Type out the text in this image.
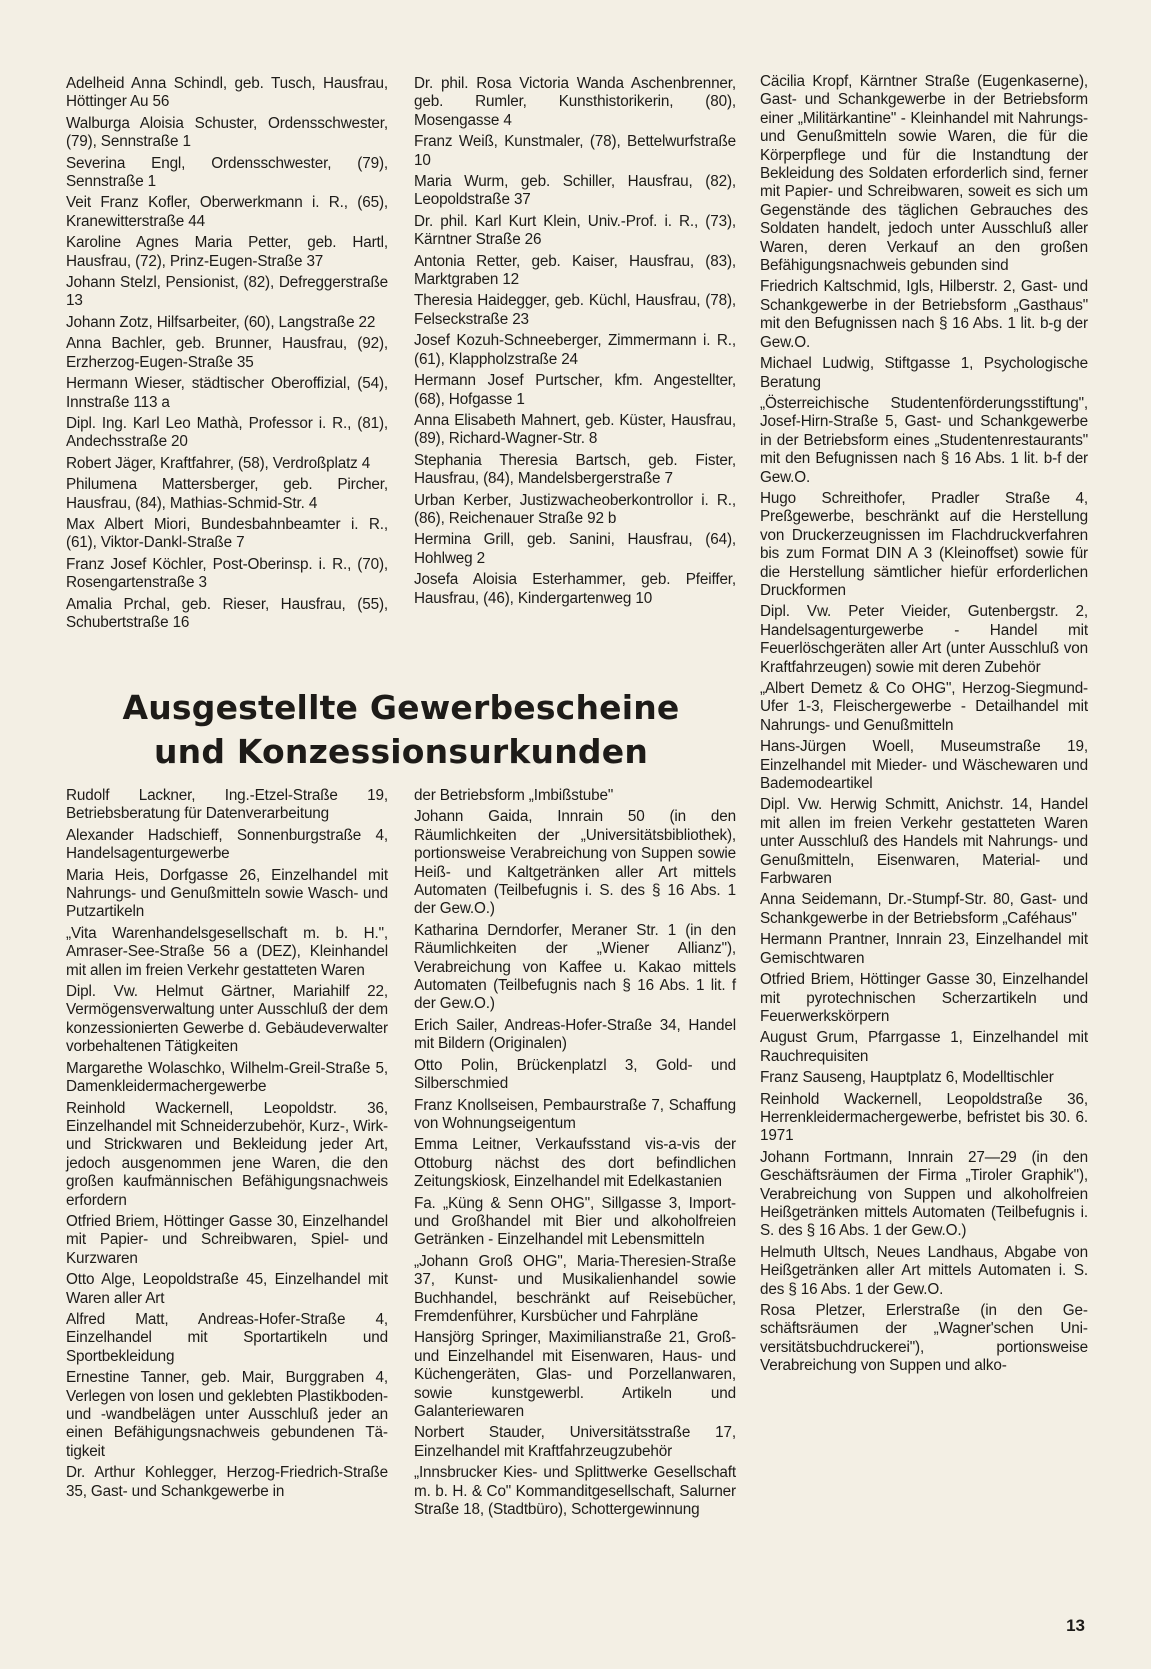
Adelheid Anna Schindl, geb. Tusch, Hausfrau, Höttinger Au 56

Walburga Aloisia Schuster, Ordensschwester, (79), Sennstraße 1

Severina Engl, Ordensschwester, (79), Sennstraße 1

Veit Franz Kofler, Oberwerkmann i. R., (65), Kranewitterstraße 44

Karoline Agnes Maria Petter, geb. Hartl, Hausfrau, (72), Prinz-Eugen-Straße 37

Johann Stelzl, Pensionist, (82), Defreggerstraße 13

Johann Zotz, Hilfsarbeiter, (60), Langstraße 22

Anna Bachler, geb. Brunner, Hausfrau, (92), Erzherzog-Eugen-Straße 35

Hermann Wieser, städtischer Oberoffizial, (54), Innstraße 113 a

Dipl. Ing. Karl Leo Mathà, Professor i. R., (81), Andechsstraße 20

Robert Jäger, Kraftfahrer, (58), Verdroßplatz 4

Philumena Mattersberger, geb. Pircher, Hausfrau, (84), Mathias-Schmid-Str. 4

Max Albert Miori, Bundesbahnbeamter i. R., (61), Viktor-Dankl-Straße 7

Franz Josef Köchler, Post-Oberinsp. i. R., (70), Rosengartenstraße 3

Amalia Prchal, geb. Rieser, Hausfrau, (55), Schubertstraße 16

Dr. phil. Rosa Victoria Wanda Aschenbrenner, geb. Rumler, Kunsthistorikerin, (80), Mosengasse 4

Franz Weiß, Kunstmaler, (78), Bettelwurfstraße 10

Maria Wurm, geb. Schiller, Hausfrau, (82), Leopoldstraße 37

Dr. phil. Karl Kurt Klein, Univ.-Prof. i. R., (73), Kärntner Straße 26

Antonia Retter, geb. Kaiser, Hausfrau, (83), Marktgraben 12

Theresia Haidegger, geb. Küchl, Hausfrau, (78), Felseckstraße 23

Josef Kozuh-Schneeberger, Zimmermann i. R., (61), Klappholzstraße 24

Hermann Josef Purtscher, kfm. Angestellter, (68), Hofgasse 1

Anna Elisabeth Mahnert, geb. Küster, Hausfrau, (89), Richard-Wagner-Str. 8

Stephania Theresia Bartsch, geb. Fister, Hausfrau, (84), Mandelsbergerstraße 7

Urban Kerber, Justizwacheoberkontrollor i. R., (86), Reichenauer Straße 92 b

Hermina Grill, geb. Sanini, Hausfrau, (64), Hohlweg 2

Josefa Aloisia Esterhammer, geb. Pfeiffer, Hausfrau, (46), Kindergartenweg 10

Cäcilia Kropf, Kärntner Straße (Eugenkaserne), Gast- und Schankgewerbe in der Betriebsform einer „Militärkantine" - Kleinhandel mit Nahrungs- und Genußmitteln sowie Waren, die für die Körperpflege und für die Instandtung der Bekleidung des Soldaten erforderlich sind, ferner mit Papier- und Schreibwaren, soweit es sich um Gegenstände des täglichen Gebrauches des Soldaten handelt, jedoch unter Ausschluß aller Waren, deren Verkauf an den großen Befähigungsnachweis gebunden sind

Friedrich Kaltschmid, Igls, Hilberstr. 2, Gast- und Schankgewerbe in der Betriebsform „Gasthaus" mit den Befugnissen nach § 16 Abs. 1 lit. b-g der Gew.O.

Michael Ludwig, Stiftgasse 1, Psychologische Beratung

„Österreichische Studentenförderungsstiftung", Josef-Hirn-Straße 5, Gast- und Schankgewerbe in der Betriebsform eines „Studentenrestaurants" mit den Befugnissen nach § 16 Abs. 1 lit. b-f der Gew.O.

Hugo Schreithofer, Pradler Straße 4, Preßgewerbe, beschränkt auf die Herstellung von Druckerzeugnissen im Flachdruckverfahren bis zum Format DIN A 3 (Kleinoffset) sowie für die Herstellung sämtlicher hiefür erforderlichen Druckformen

Dipl. Vw. Peter Vieider, Gutenbergstr. 2, Handelsagenturgewerbe - Handel mit Feuerlöschgeräten aller Art (unter Ausschluß von Kraftfahrzeugen) sowie mit deren Zubehör

„Albert Demetz & Co OHG", Herzog-Siegmund-Ufer 1-3, Fleischergewerbe - Detailhandel mit Nahrungs- und Genußmitteln

Hans-Jürgen Woell, Museumstraße 19, Einzelhandel mit Mieder- und Wäschewaren und Bademodeartikel

Dipl. Vw. Herwig Schmitt, Anichstr. 14, Handel mit allen im freien Verkehr gestatteten Waren unter Ausschluß des Handels mit Nahrungs- und Genußmitteln, Eisenwaren, Material- und Farbwaren

Anna Seidemann, Dr.-Stumpf-Str. 80, Gast- und Schankgewerbe in der Betriebsform „Caféhaus"

Hermann Prantner, Innrain 23, Einzelhandel mit Gemischtwaren

Otfried Briem, Höttinger Gasse 30, Einzelhandel mit pyrotechnischen Scherzartikeln und Feuerwerkskörpern

August Grum, Pfarrgasse 1, Einzelhandel mit Rauchrequisiten

Franz Sauseng, Hauptplatz 6, Modelltischler

Reinhold Wackernell, Leopoldstraße 36, Herrenkleidermachergewerbe, befristet bis 30. 6. 1971

Johann Fortmann, Innrain 27—29 (in den Geschäftsräumen der Firma „Tiroler Graphik"), Verabreichung von Suppen und alkoholfreien Heißgetränken mittels Automaten (Teilbefugnis i. S. des § 16 Abs. 1 der Gew.O.)

Helmuth Ultsch, Neues Landhaus, Abgabe von Heißgetränken aller Art mittels Automaten i. S. des § 16 Abs. 1 der Gew.O.

Rosa Pletzer, Erlerstraße (in den Geschäftsräumen der „Wagner'schen Universitätsbuchdruckerei"), portionsweise Verabreichung von Suppen und alko-

Ausgestellte Gewerbescheine
und Konzessionsurkunden

Rudolf Lackner, Ing.-Etzel-Straße 19, Betriebsberatung für Datenverarbeitung

Alexander Hadschieff, Sonnenburgstraße 4, Handelsagenturgewerbe

Maria Heis, Dorfgasse 26, Einzelhandel mit Nahrungs- und Genußmitteln sowie Wasch- und Putzartikeln

„Vita Warenhandelsgesellschaft m. b. H.", Amraser-See-Straße 56 a (DEZ), Kleinhandel mit allen im freien Verkehr gestatteten Waren

Dipl. Vw. Helmut Gärtner, Mariahilf 22, Vermögensverwaltung unter Ausschluß der dem konzessionierten Gewerbe d. Gebäudeverwalter vorbehaltenen Tätigkeiten

Margarethe Wolaschko, Wilhelm-Greil-Straße 5, Damenkleidermachergewerbe

Reinhold Wackernell, Leopoldstr. 36, Einzelhandel mit Schneiderzubehör, Kurz-, Wirk- und Strickwaren und Bekleidung jeder Art, jedoch ausgenommen jene Waren, die den großen kaufmännischen Befähigungsnachweis erfordern

Otfried Briem, Höttinger Gasse 30, Einzelhandel mit Papier- und Schreibwaren, Spiel- und Kurzwaren

Otto Alge, Leopoldstraße 45, Einzelhandel mit Waren aller Art

Alfred Matt, Andreas-Hofer-Straße 4, Einzelhandel mit Sportartikeln und Sportbekleidung

Ernestine Tanner, geb. Mair, Burggraben 4, Verlegen von losen und geklebten Plastikboden- und -wandbelägen unter Ausschluß jeder an einen Befähigungsnachweis gebundenen Tätigkeit

Dr. Arthur Kohlegger, Herzog-Friedrich-Straße 35, Gast- und Schankgewerbe in

der Betriebsform „Imbißstube"

Johann Gaida, Innrain 50 (in den Räumlichkeiten der „Universitätsbibliothek), portionsweise Verabreichung von Suppen sowie Heiß- und Kaltgetränken aller Art mittels Automaten (Teilbefugnis i. S. des § 16 Abs. 1 der Gew.O.)

Katharina Derndorfer, Meraner Str. 1 (in den Räumlichkeiten der „Wiener Allianz"), Verabreichung von Kaffee u. Kakao mittels Automaten (Teilbefugnis nach § 16 Abs. 1 lit. f der Gew.O.)

Erich Sailer, Andreas-Hofer-Straße 34, Handel mit Bildern (Originalen)

Otto Polin, Brückenplatzl 3, Gold- und Silberschmied

Franz Knollseisen, Pembaurstraße 7, Schaffung von Wohnungseigentum

Emma Leitner, Verkaufsstand vis-a-vis der Ottoburg nächst des dort befindlichen Zeitungskiosk, Einzelhandel mit Edelkastanien

Fa. „Küng & Senn OHG", Sillgasse 3, Import- und Großhandel mit Bier und alkoholfreien Getränken - Einzelhandel mit Lebensmitteln

„Johann Groß OHG", Maria-Theresien-Straße 37, Kunst- und Musikalienhandel sowie Buchhandel, beschränkt auf Reisebücher, Fremdenführer, Kursbücher und Fahrpläne

Hansjörg Springer, Maximilianstraße 21, Groß- und Einzelhandel mit Eisenwaren, Haus- und Küchengeräten, Glas- und Porzellanwaren, sowie kunstgewerbl. Artikeln und Galanteriewaren

Norbert Stauder, Universitätsstraße 17, Einzelhandel mit Kraftfahrzeugzubehör

„Innsbrucker Kies- und Splittwerke Gesellschaft m. b. H. & Co" Kommanditgesellschaft, Salurner Straße 18, (Stadtbüro), Schottergewinnung

13
